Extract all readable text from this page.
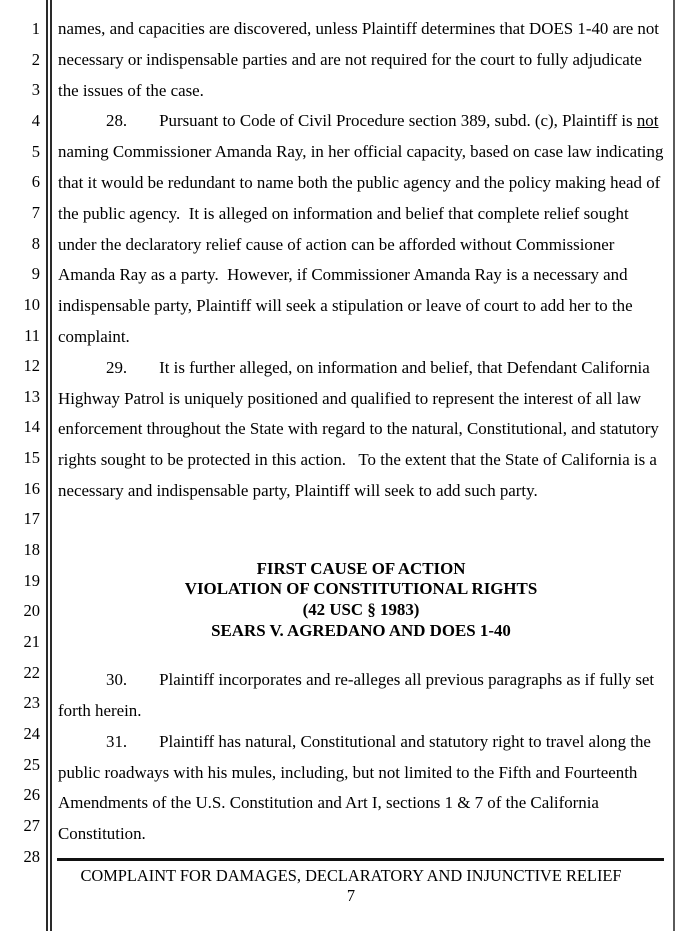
1
2
3
4
5
6
7
8
9
10
11
12
13
14
15
16
17
18
19
20
21
22
23
24
25
26
27
28

names, and capacities are discovered, unless Plaintiff determines that DOES 1-40 are not necessary or indispensable parties and are not required for the court to fully adjudicate the issues of the case.

28. Pursuant to Code of Civil Procedure section 389, subd. (c), Plaintiff is not naming Commissioner Amanda Ray, in her official capacity, based on case law indicating that it would be redundant to name both the public agency and the policy making head of the public agency.  It is alleged on information and belief that complete relief sought under the declaratory relief cause of action can be afforded without Commissioner Amanda Ray as a party.  However, if Commissioner Amanda Ray is a necessary and indispensable party, Plaintiff will seek a stipulation or leave of court to add her to the complaint.

29. It is further alleged, on information and belief, that Defendant California Highway Patrol is uniquely positioned and qualified to represent the interest of all law enforcement throughout the State with regard to the natural, Constitutional, and statutory rights sought to be protected in this action.   To the extent that the State of California is a necessary and indispensable party, Plaintiff will seek to add such party.

FIRST CAUSE OF ACTION
VIOLATION OF CONSTITUTIONAL RIGHTS
(42 USC § 1983)
SEARS V. AGREDANO AND DOES 1-40

30. Plaintiff incorporates and re-alleges all previous paragraphs as if fully set forth herein.

31. Plaintiff has natural, Constitutional and statutory right to travel along the public roadways with his mules, including, but not limited to the Fifth and Fourteenth Amendments of the U.S. Constitution and Art I, sections 1 & 7 of the California Constitution.

COMPLAINT FOR DAMAGES, DECLARATORY AND INJUNCTIVE RELIEF
7
